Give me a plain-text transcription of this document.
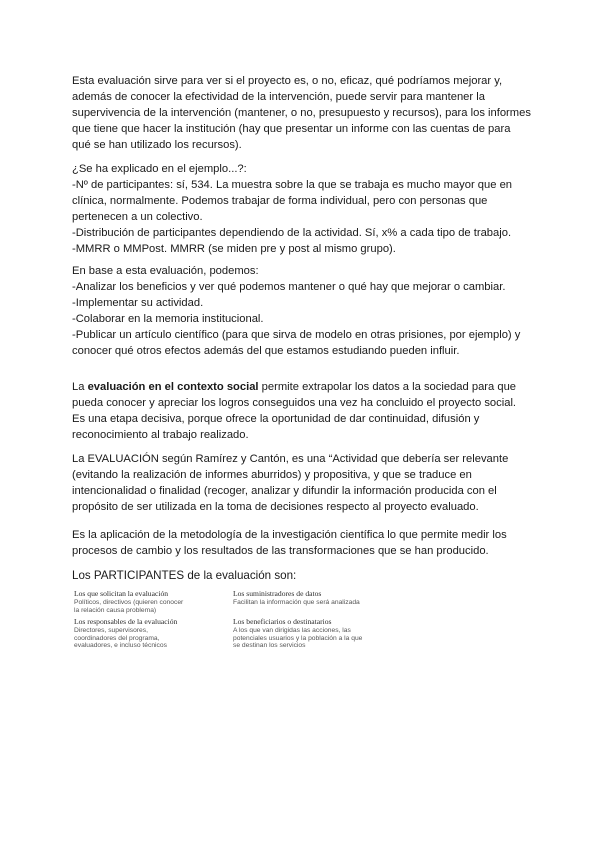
Esta evaluación sirve para ver si el proyecto es, o no, eficaz, qué podríamos mejorar y,
además de conocer la efectividad de la intervención, puede servir para mantener la
supervivencia de la intervención (mantener, o no, presupuesto y recursos), para los informes
que tiene que hacer la institución (hay que presentar un informe con las cuentas de para
qué se han utilizado los recursos).
¿Se ha explicado en el ejemplo...?:
-Nº de participantes: sí, 534. La muestra sobre la que se trabaja es mucho mayor que en
clínica, normalmente. Podemos trabajar de forma individual, pero con personas que
pertenecen a un colectivo.
-Distribución de participantes dependiendo de la actividad. Sí, x% a cada tipo de trabajo.
-MMRR o MMPost. MMRR (se miden pre y post al mismo grupo).
En base a esta evaluación, podemos:
-Analizar los beneficios y ver qué podemos mantener o qué hay que mejorar o cambiar.
-Implementar su actividad.
-Colaborar en la memoria institucional.
-Publicar un artículo científico (para que sirva de modelo en otras prisiones, por ejemplo) y
conocer qué otros efectos además del que estamos estudiando pueden influir.
La evaluación en el contexto social permite extrapolar los datos a la sociedad para que
pueda conocer y apreciar los logros conseguidos una vez ha concluido el proyecto social.
Es una etapa decisiva, porque ofrece la oportunidad de dar continuidad, difusión y
reconocimiento al trabajo realizado.
La EVALUACIÓN según Ramírez y Cantón, es una “Actividad que debería ser relevante
(evitando la realización de informes aburridos) y propositiva, y que se traduce en
intencionalidad o finalidad (recoger, analizar y difundir la información producida con el
propósito de ser utilizada en la toma de decisiones respecto al proyecto evaluado.
Es la aplicación de la metodología de la investigación científica lo que permite medir los
procesos de cambio y los resultados de las transformaciones que se han producido.
Los PARTICIPANTES de la evaluación son:
Los que solicitan la evaluación

Políticos, directivos (quieren conocer
la relación causa problema)

Los suministradores de datos

Facilitan la información que será analizada

Los responsables de la evaluación

Directores, supervisores,
coordinadores del programa,
evaluadores, e incluso técnicos

Los beneficiarios o destinatarios

A los que van dirigidas las acciones, las
potenciales usuarios y la población a la que
se destinan los servicios
